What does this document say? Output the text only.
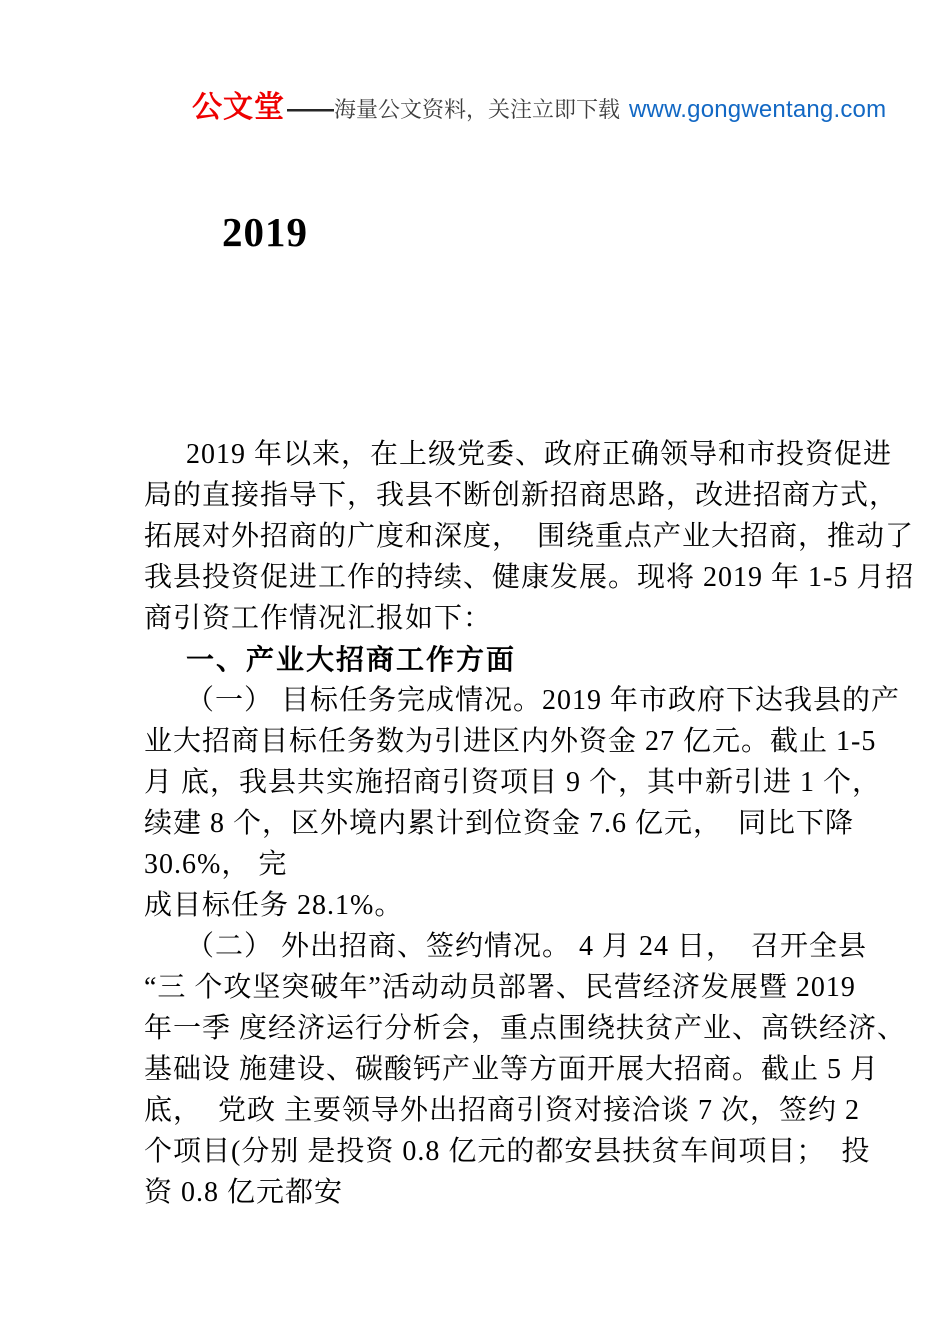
公文堂 —— 海量公文资料，关注立即下载 www.gongwentang.com
2019
2019 年以来，在上级党委、政府正确领导和市投资促进
局的直接指导下，我县不断创新招商思路，改进招商方式，
拓展对外招商的广度和深度，  围绕重点产业大招商，推动了
我县投资促进工作的持续、健康发展。现将 2019 年 1-5 月招
商引资工作情况汇报如下：
一、产业大招商工作方面
（一） 目标任务完成情况。2019 年市政府下达我县的产
业大招商目标任务数为引进区内外资金 27 亿元。截止 1-5
月 底，我县共实施招商引资项目 9 个，其中新引进 1 个，
续建 8 个，区外境内累计到位资金 7.6 亿元，  同比下降
30.6%， 完
成目标任务 28.1%。
（二） 外出招商、签约情况。 4 月 24 日，  召开全县
“三 个攻坚突破年”活动动员部署、民营经济发展暨 2019
年一季 度经济运行分析会，重点围绕扶贫产业、高铁经济、
基础设 施建设、碳酸钙产业等方面开展大招商。截止 5 月
底，  党政 主要领导外出招商引资对接洽谈 7 次，签约 2
个项目(分别 是投资 0.8 亿元的都安县扶贫车间项目；  投
资 0.8 亿元都安
